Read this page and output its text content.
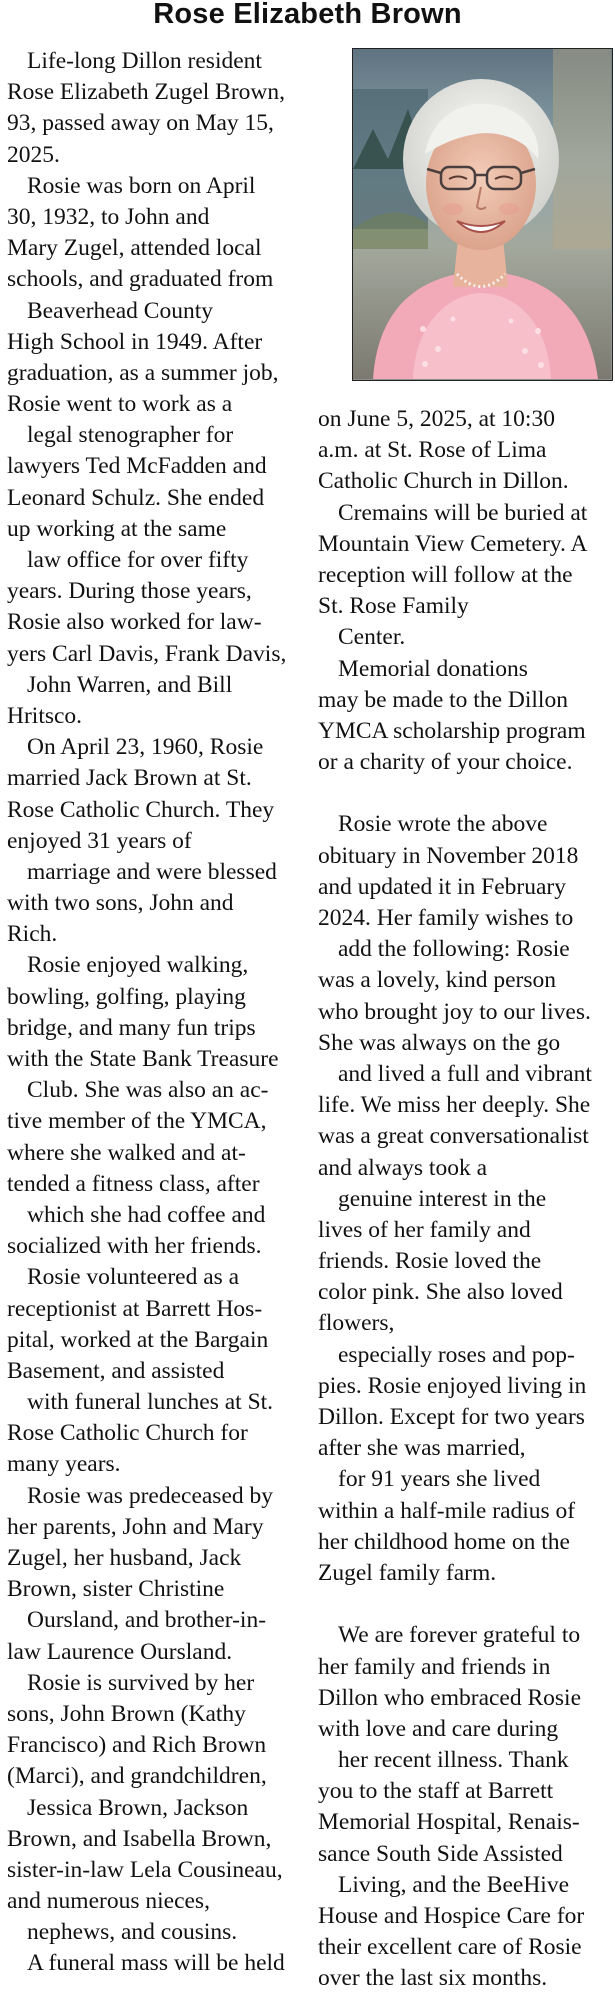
Rose Elizabeth Brown
Life-long Dillon resident
Rose Elizabeth Zugel Brown,
93, passed away on May 15,
2025.
Rosie was born on April
30, 1932, to John and
Mary Zugel, attended local
schools, and graduated from
Beaverhead County
High School in 1949. After
graduation, as a summer job,
Rosie went to work as a
legal stenographer for
lawyers Ted McFadden and
Leonard Schulz. She ended
up working at the same
law office for over fifty
years. During those years,
Rosie also worked for law-
yers Carl Davis, Frank Davis,
John Warren, and Bill
Hritsco.
On April 23, 1960, Rosie
married Jack Brown at St.
Rose Catholic Church. They
enjoyed 31 years of
marriage and were blessed
with two sons, John and
Rich.
Rosie enjoyed walking,
bowling, golfing, playing
bridge, and many fun trips
with the State Bank Treasure
Club. She was also an ac-
tive member of the YMCA,
where she walked and at-
tended a fitness class, after
which she had coffee and
socialized with her friends.
Rosie volunteered as a
receptionist at Barrett Hos-
pital, worked at the Bargain
Basement, and assisted
with funeral lunches at St.
Rose Catholic Church for
many years.
Rosie was predeceased by
her parents, John and Mary
Zugel, her husband, Jack
Brown, sister Christine
Oursland, and brother-in-
law Laurence Oursland.
Rosie is survived by her
sons, John Brown (Kathy
Francisco) and Rich Brown
(Marci), and grandchildren,
Jessica Brown, Jackson
Brown, and Isabella Brown,
sister-in-law Lela Cousineau,
and numerous nieces,
nephews, and cousins.
A funeral mass will be held
on June 5, 2025, at 10:30
a.m. at St. Rose of Lima
Catholic Church in Dillon.
Cremains will be buried at
Mountain View Cemetery. A
reception will follow at the
St. Rose Family
Center.
Memorial donations
may be made to the Dillon
YMCA scholarship program
or a charity of your choice.
Rosie wrote the above
obituary in November 2018
and updated it in February
2024. Her family wishes to
add the following: Rosie
was a lovely, kind person
who brought joy to our lives.
She was always on the go
and lived a full and vibrant
life. We miss her deeply. She
was a great conversationalist
and always took a
genuine interest in the
lives of her family and
friends. Rosie loved the
color pink. She also loved
flowers,
especially roses and pop-
pies. Rosie enjoyed living in
Dillon. Except for two years
after she was married,
for 91 years she lived
within a half-mile radius of
her childhood home on the
Zugel family farm.
We are forever grateful to
her family and friends in
Dillon who embraced Rosie
with love and care during
her recent illness. Thank
you to the staff at Barrett
Memorial Hospital, Renais-
sance South Side Assisted
Living, and the BeeHive
House and Hospice Care for
their excellent care of Rosie
over the last six months.
